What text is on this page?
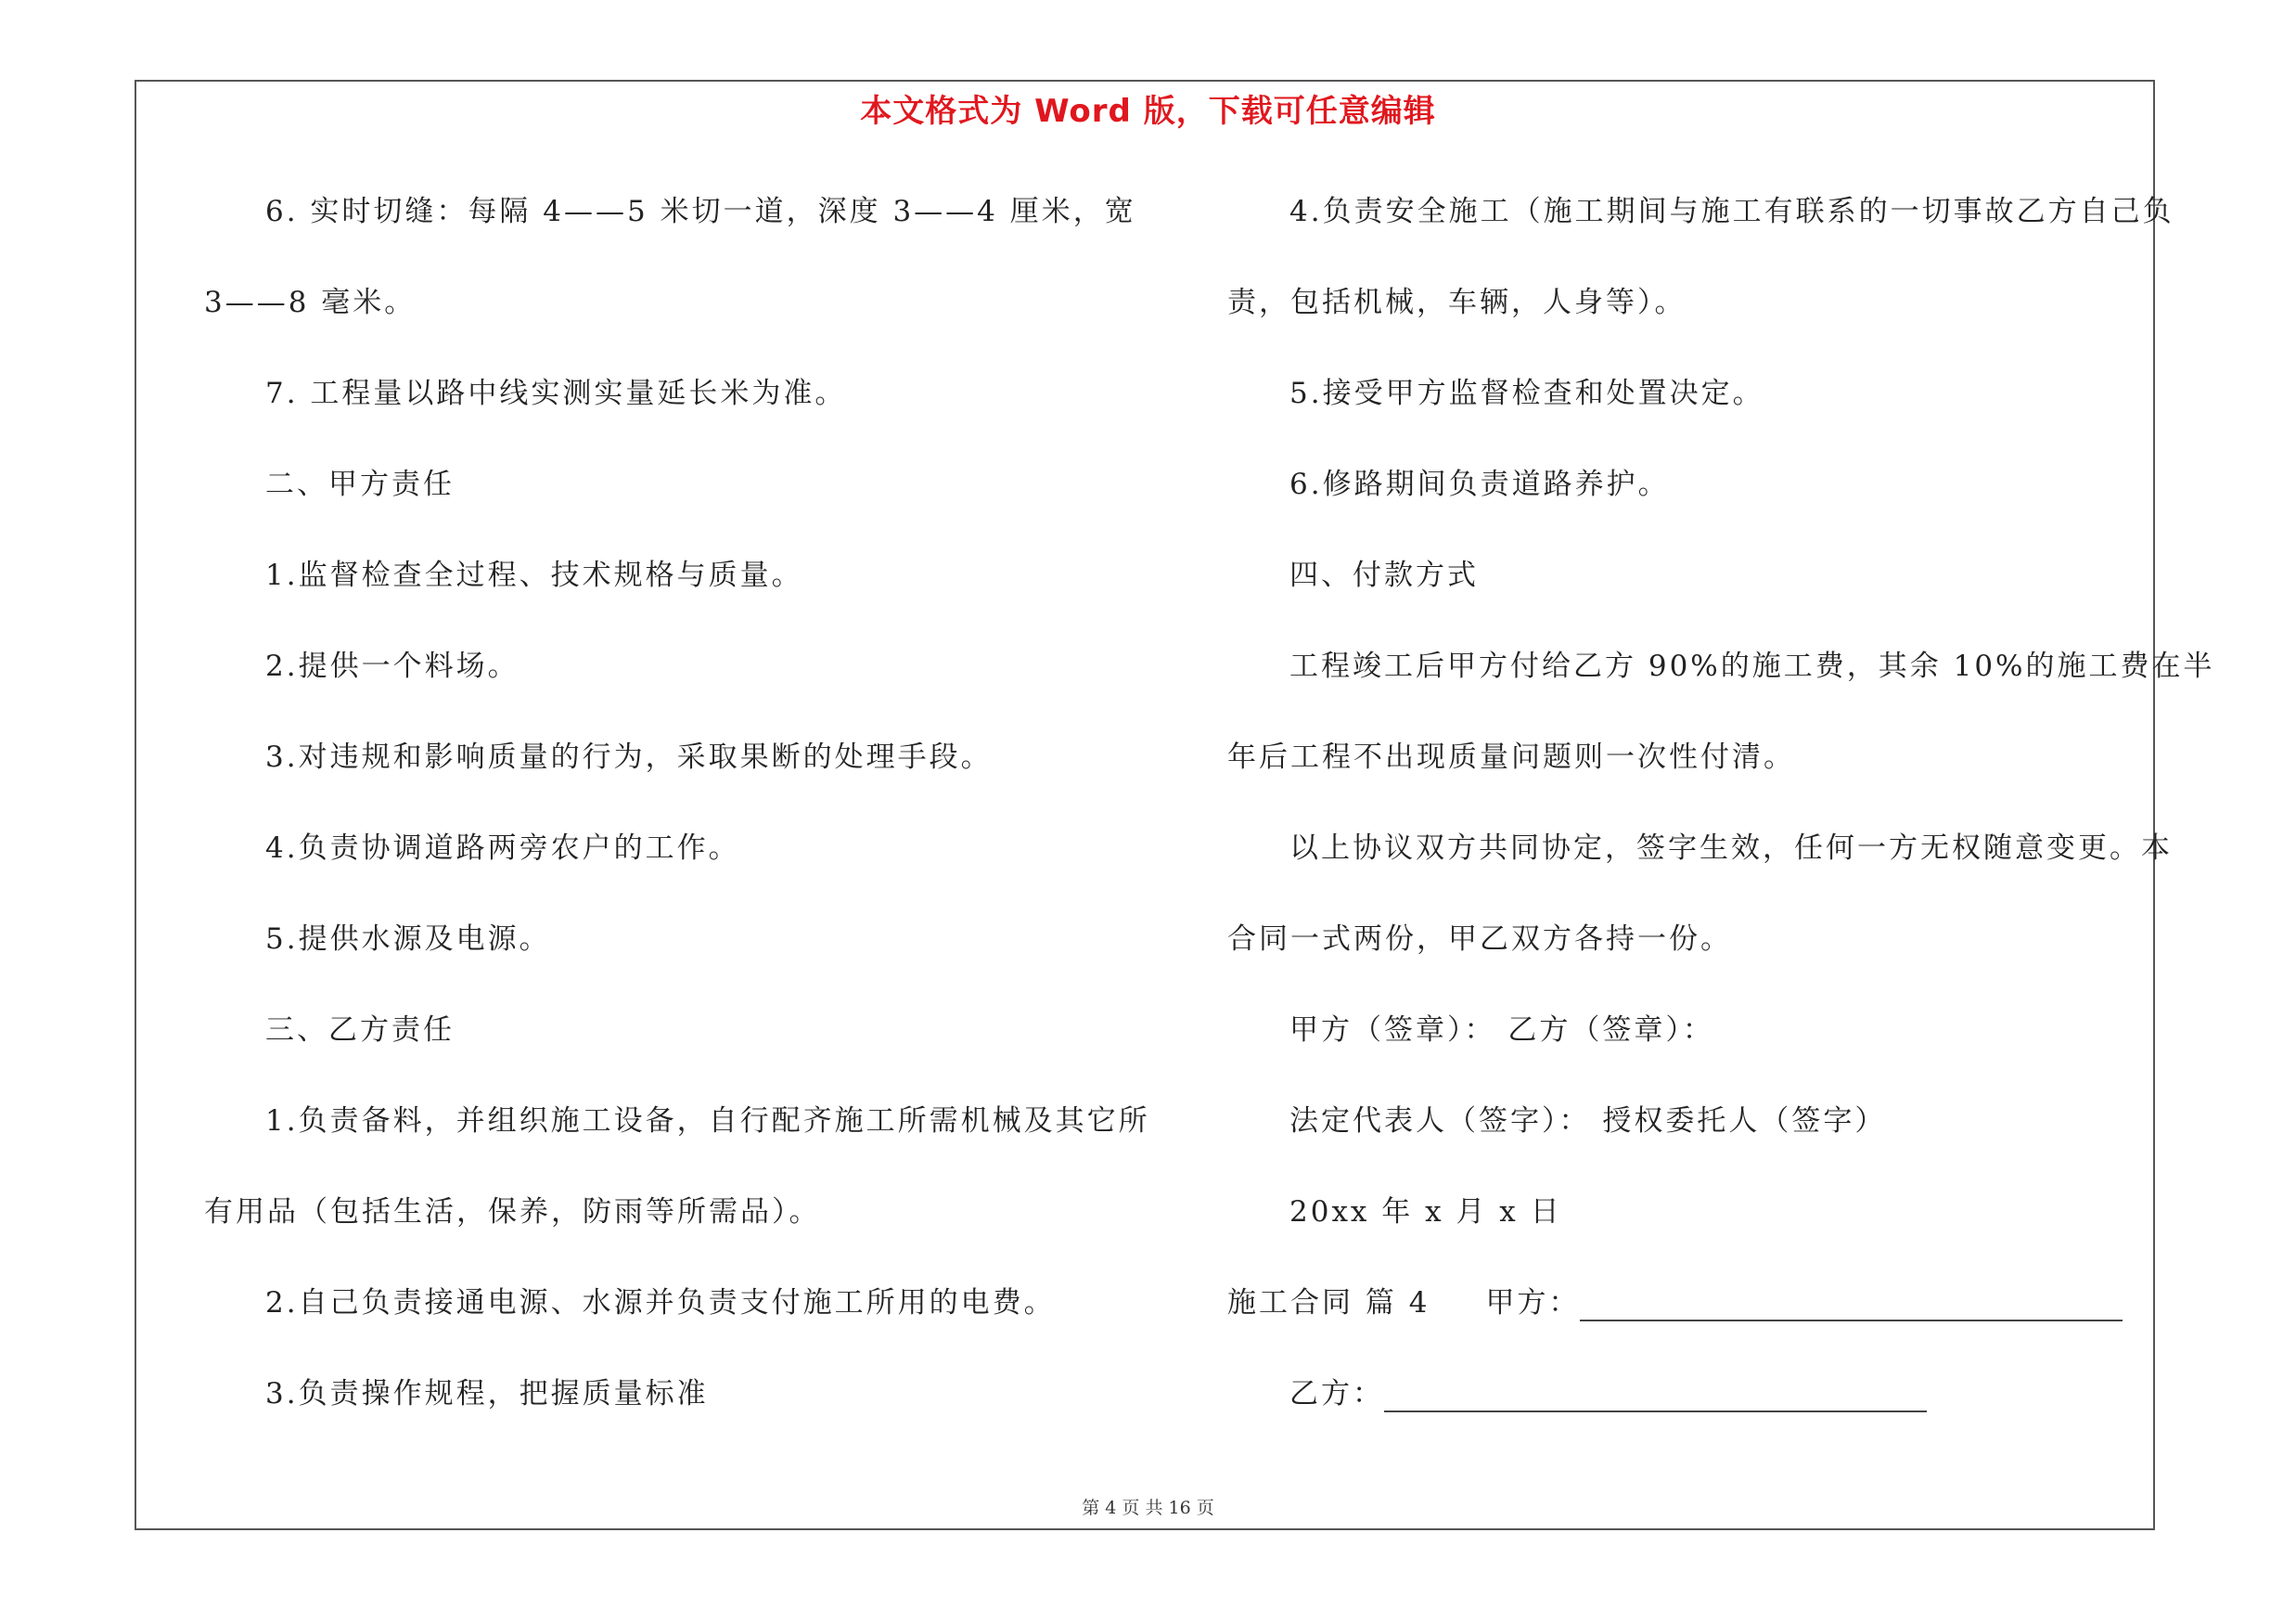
本文格式为 Word 版，下载可任意编辑
6. 实时切缝：每隔 4——5 米切一道，深度 3——4 厘米，宽
3——8 毫米。
7. 工程量以路中线实测实量延长米为准。
二、甲方责任
1.监督检查全过程、技术规格与质量。
2.提供一个料场。
3.对违规和影响质量的行为，采取果断的处理手段。
4.负责协调道路两旁农户的工作。
5.提供水源及电源。
三、乙方责任
1.负责备料，并组织施工设备，自行配齐施工所需机械及其它所
有用品（包括生活，保养，防雨等所需品）。
2.自己负责接通电源、水源并负责支付施工所用的电费。
3.负责操作规程，把握质量标准
4.负责安全施工（施工期间与施工有联系的一切事故乙方自己负
责，包括机械，车辆，人身等）。
5.接受甲方监督检查和处置决定。
6.修路期间负责道路养护。
四、付款方式
工程竣工后甲方付给乙方 90%的施工费，其余 10%的施工费在半
年后工程不出现质量问题则一次性付清。
以上协议双方共同协定，签字生效，任何一方无权随意变更。本
合同一式两份，甲乙双方各持一份。
甲方（签章）： 乙方（签章）：
法定代表人（签字）： 授权委托人（签字）
20xx 年 x 月 x 日
施工合同 篇 4 甲方：
乙方：
第 4 页 共 16 页
